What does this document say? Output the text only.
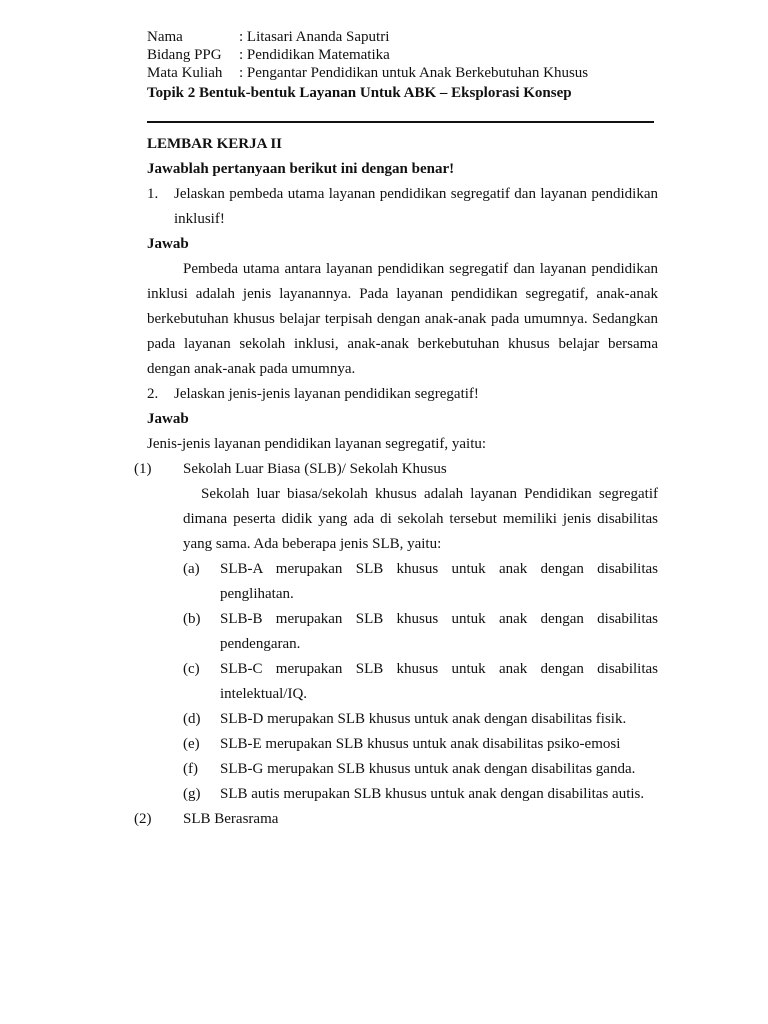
Nama	: Litasari Ananda Saputri
Bidang PPG	: Pendidikan Matematika
Mata Kuliah	: Pengantar Pendidikan untuk Anak Berkebutuhan Khusus
Topik 2 Bentuk-bentuk Layanan Untuk ABK – Eksplorasi Konsep
LEMBAR KERJA II
Jawablah pertanyaan berikut ini dengan benar!
1.	Jelaskan pembeda utama layanan pendidikan segregatif dan layanan pendidikan inklusif!
Jawab
Pembeda utama antara layanan pendidikan segregatif dan layanan pendidikan inklusi adalah jenis layanannya. Pada layanan pendidikan segregatif, anak-anak berkebutuhan khusus belajar terpisah dengan anak-anak pada umumnya. Sedangkan pada layanan sekolah inklusi, anak-anak berkebutuhan khusus belajar bersama dengan anak-anak pada umumnya.
2.	Jelaskan jenis-jenis layanan pendidikan segregatif!
Jawab
Jenis-jenis layanan pendidikan layanan segregatif, yaitu:
(1)	Sekolah Luar Biasa (SLB)/ Sekolah Khusus
Sekolah luar biasa/sekolah khusus adalah layanan Pendidikan segregatif dimana peserta didik yang ada di sekolah tersebut memiliki jenis disabilitas yang sama. Ada beberapa jenis SLB, yaitu:
(a)	SLB-A merupakan SLB khusus untuk anak dengan disabilitas penglihatan.
(b)	SLB-B merupakan SLB khusus untuk anak dengan disabilitas pendengaran.
(c)	SLB-C merupakan SLB khusus untuk anak dengan disabilitas intelektual/IQ.
(d)	SLB-D merupakan SLB khusus untuk anak dengan disabilitas fisik.
(e)	SLB-E merupakan SLB khusus untuk anak disabilitas psiko-emosi
(f)	SLB-G merupakan SLB khusus untuk anak dengan disabilitas ganda.
(g)	SLB autis merupakan SLB khusus untuk anak dengan disabilitas autis.
(2)	SLB Berasrama
